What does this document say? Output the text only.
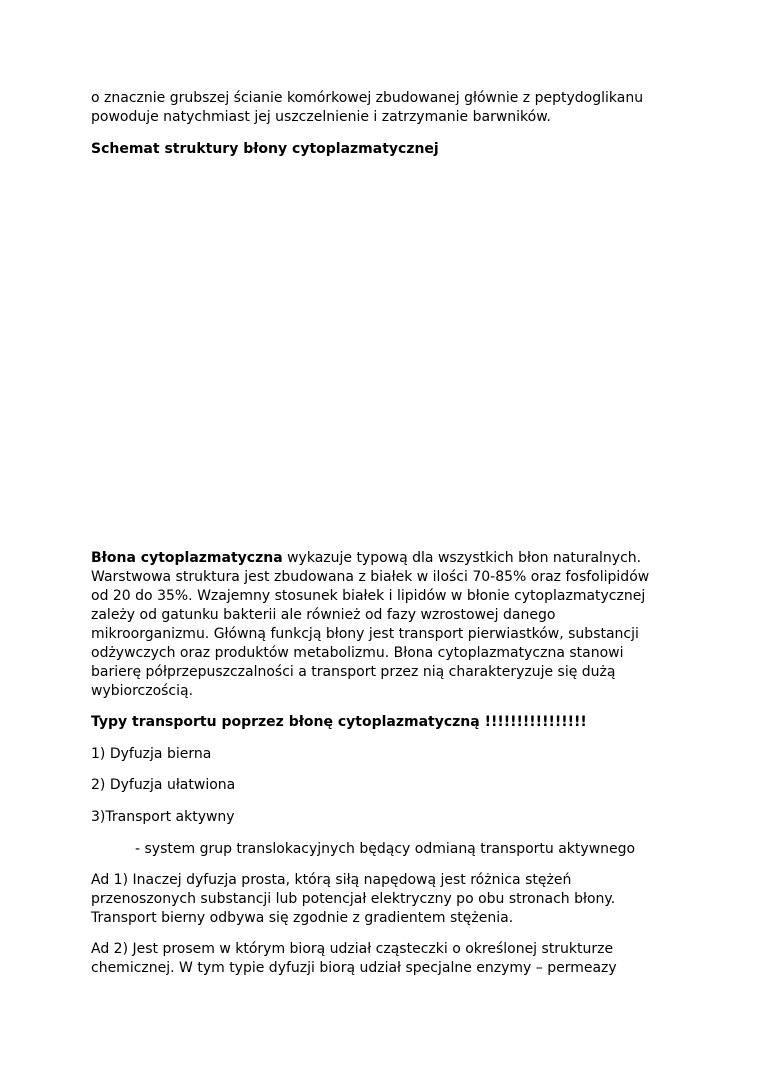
o znacznie grubszej ścianie komórkowej zbudowanej głównie z peptydoglikanu
powoduje natychmiast jej uszczelnienie i zatrzymanie barwników.
Schemat struktury błony cytoplazmatycznej
Błona cytoplazmatyczna wykazuje typową dla wszystkich błon naturalnych.
Warstwowa struktura jest zbudowana z białek w ilości 70-85% oraz fosfolipidów
od 20 do 35%. Wzajemny stosunek białek i lipidów w błonie cytoplazmatycznej
zależy od gatunku bakterii ale również od fazy wzrostowej danego
mikroorganizmu. Główną funkcją błony jest transport pierwiastków, substancji
odżywczych oraz produktów metabolizmu. Błona cytoplazmatyczna stanowi
barierę półprzepuszczalności a transport przez nią charakteryzuje się dużą
wybiorczością.
Typy transportu poprzez błonę cytoplazmatyczną !!!!!!!!!!!!!!!!
1) Dyfuzja bierna
2) Dyfuzja ułatwiona
3)Transport aktywny
- system grup translokacyjnych będący odmianą transportu aktywnego
Ad 1) Inaczej dyfuzja prosta, którą siłą napędową jest różnica stężeń
przenoszonych substancji lub potencjał elektryczny po obu stronach błony.
Transport bierny odbywa się zgodnie z gradientem stężenia.
Ad 2) Jest prosem w którym biorą udział cząsteczki o określonej strukturze
chemicznej. W tym typie dyfuzji biorą udział specjalne enzymy – permeazy
